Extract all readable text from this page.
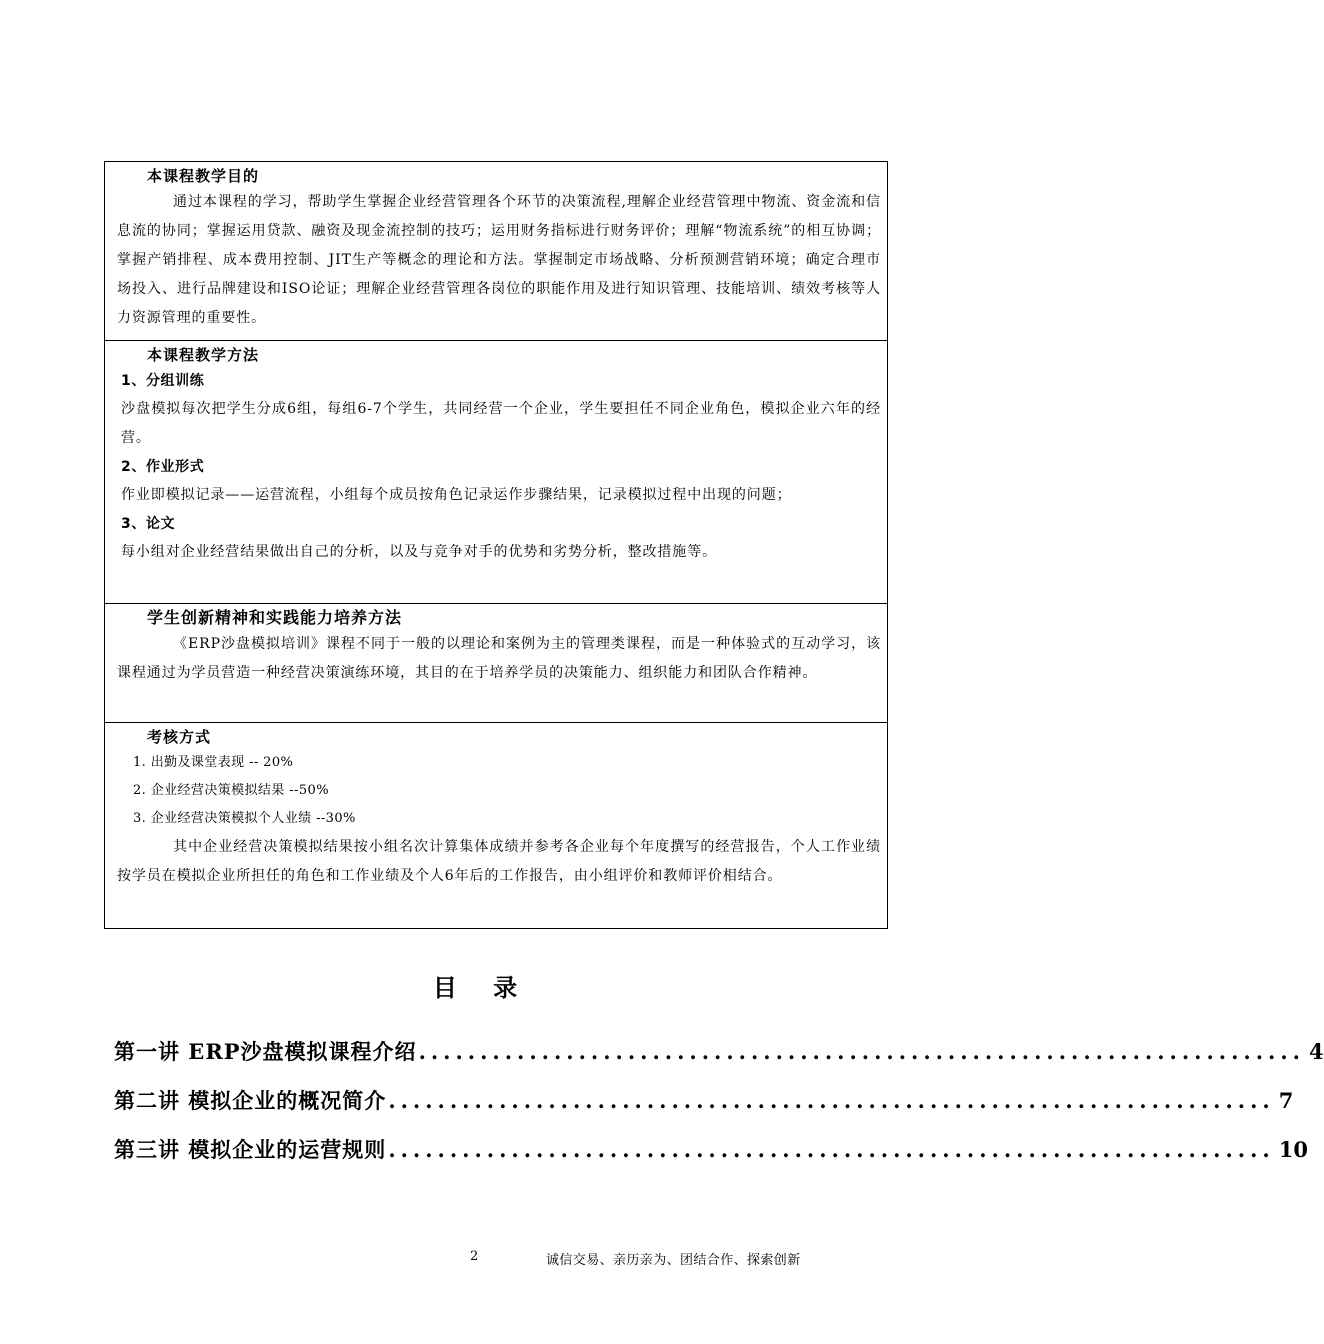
本课程教学目的

通过本课程的学习，帮助学生掌握企业经营管理各个环节的决策流程,理解企业经营管理中物流、资金流和信息流的协同；掌握运用贷款、融资及现金流控制的技巧；运用财务指标进行财务评价；理解“物流系统”的相互协调；掌握产销排程、成本费用控制、JIT生产等概念的理论和方法。掌握制定市场战略、分析预测营销环境；确定合理市场投入、进行品牌建设和ISO论证；理解企业经营管理各岗位的职能作用及进行知识管理、技能培训、绩效考核等人力资源管理的重要性。

本课程教学方法
1、分组训练

沙盘模拟每次把学生分成6组，每组6-7个学生，共同经营一个企业，学生要担任不同企业角色，模拟企业六年的经营。

2、作业形式

作业即模拟记录——运营流程，小组每个成员按角色记录运作步骤结果，记录模拟过程中出现的问题；

3、论文

每小组对企业经营结果做出自己的分析，以及与竞争对手的优势和劣势分析，整改措施等。

学生创新精神和实践能力培养方法

《ERP沙盘模拟培训》课程不同于一般的以理论和案例为主的管理类课程，而是一种体验式的互动学习，该课程通过为学员营造一种经营决策演练环境，其目的在于培养学员的决策能力、组织能力和团队合作精神。

考核方式
1. 出勤及课堂表现 -- 20%
2. 企业经营决策模拟结果 --50%
3. 企业经营决策模拟个人业绩 --30%

其中企业经营决策模拟结果按小组名次计算集体成绩并参考各企业每个年度撰写的经营报告，个人工作业绩按学员在模拟企业所担任的角色和工作业绩及个人6年后的工作报告，由小组评价和教师评价相结合。

目 录
第一讲 ERP沙盘模拟课程介绍 ........................................................................ 4
第二讲 模拟企业的概况简介 ........................................................................ 7
第三讲 模拟企业的运营规则 ........................................................................ 10
2	诚信交易、亲历亲为、团结合作、探索创新
